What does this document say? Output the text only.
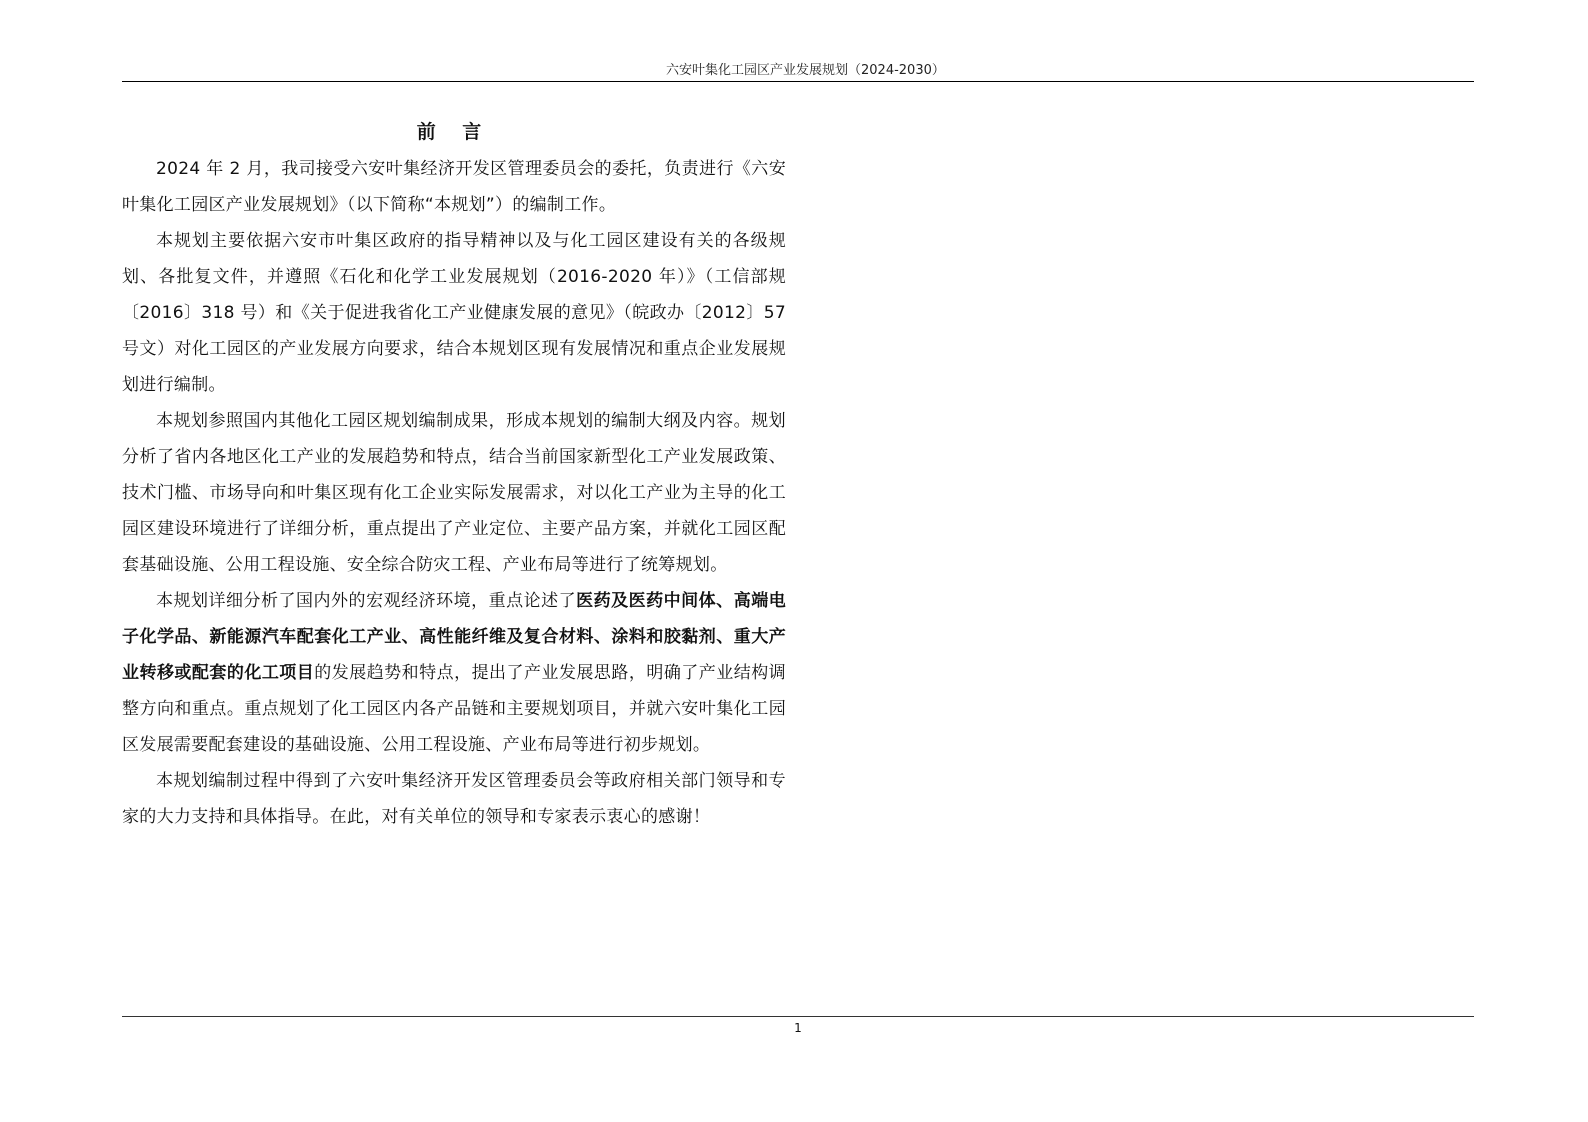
六安叶集化工园区产业发展规划（2024-2030）
前 言

2024 年 2 月，我司接受六安叶集经济开发区管理委员会的委托，负责进行《六安叶集化工园区产业发展规划》（以下简称“本规划”）的编制工作。

本规划主要依据六安市叶集区政府的指导精神以及与化工园区建设有关的各级规划、各批复文件，并遵照《石化和化学工业发展规划（2016-2020 年）》（工信部规〔2016〕318 号）和《关于促进我省化工产业健康发展的意见》（皖政办〔2012〕57 号文）对化工园区的产业发展方向要求，结合本规划区现有发展情况和重点企业发展规划进行编制。

本规划参照国内其他化工园区规划编制成果，形成本规划的编制大纲及内容。规划分析了省内各地区化工产业的发展趋势和特点，结合当前国家新型化工产业发展政策、技术门槛、市场导向和叶集区现有化工企业实际发展需求，对以化工产业为主导的化工园区建设环境进行了详细分析，重点提出了产业定位、主要产品方案，并就化工园区配套基础设施、公用工程设施、安全综合防灾工程、产业布局等进行了统筹规划。

本规划详细分析了国内外的宏观经济环境，重点论述了医药及医药中间体、高端电子化学品、新能源汽车配套化工产业、高性能纤维及复合材料、涂料和胶黏剂、重大产业转移或配套的化工项目的发展趋势和特点，提出了产业发展思路，明确了产业结构调整方向和重点。重点规划了化工园区内各产品链和主要规划项目，并就六安叶集化工园区发展需要配套建设的基础设施、公用工程设施、产业布局等进行初步规划。

本规划编制过程中得到了六安叶集经济开发区管理委员会等政府相关部门领导和专家的大力支持和具体指导。在此，对有关单位的领导和专家表示衷心的感谢！

1
